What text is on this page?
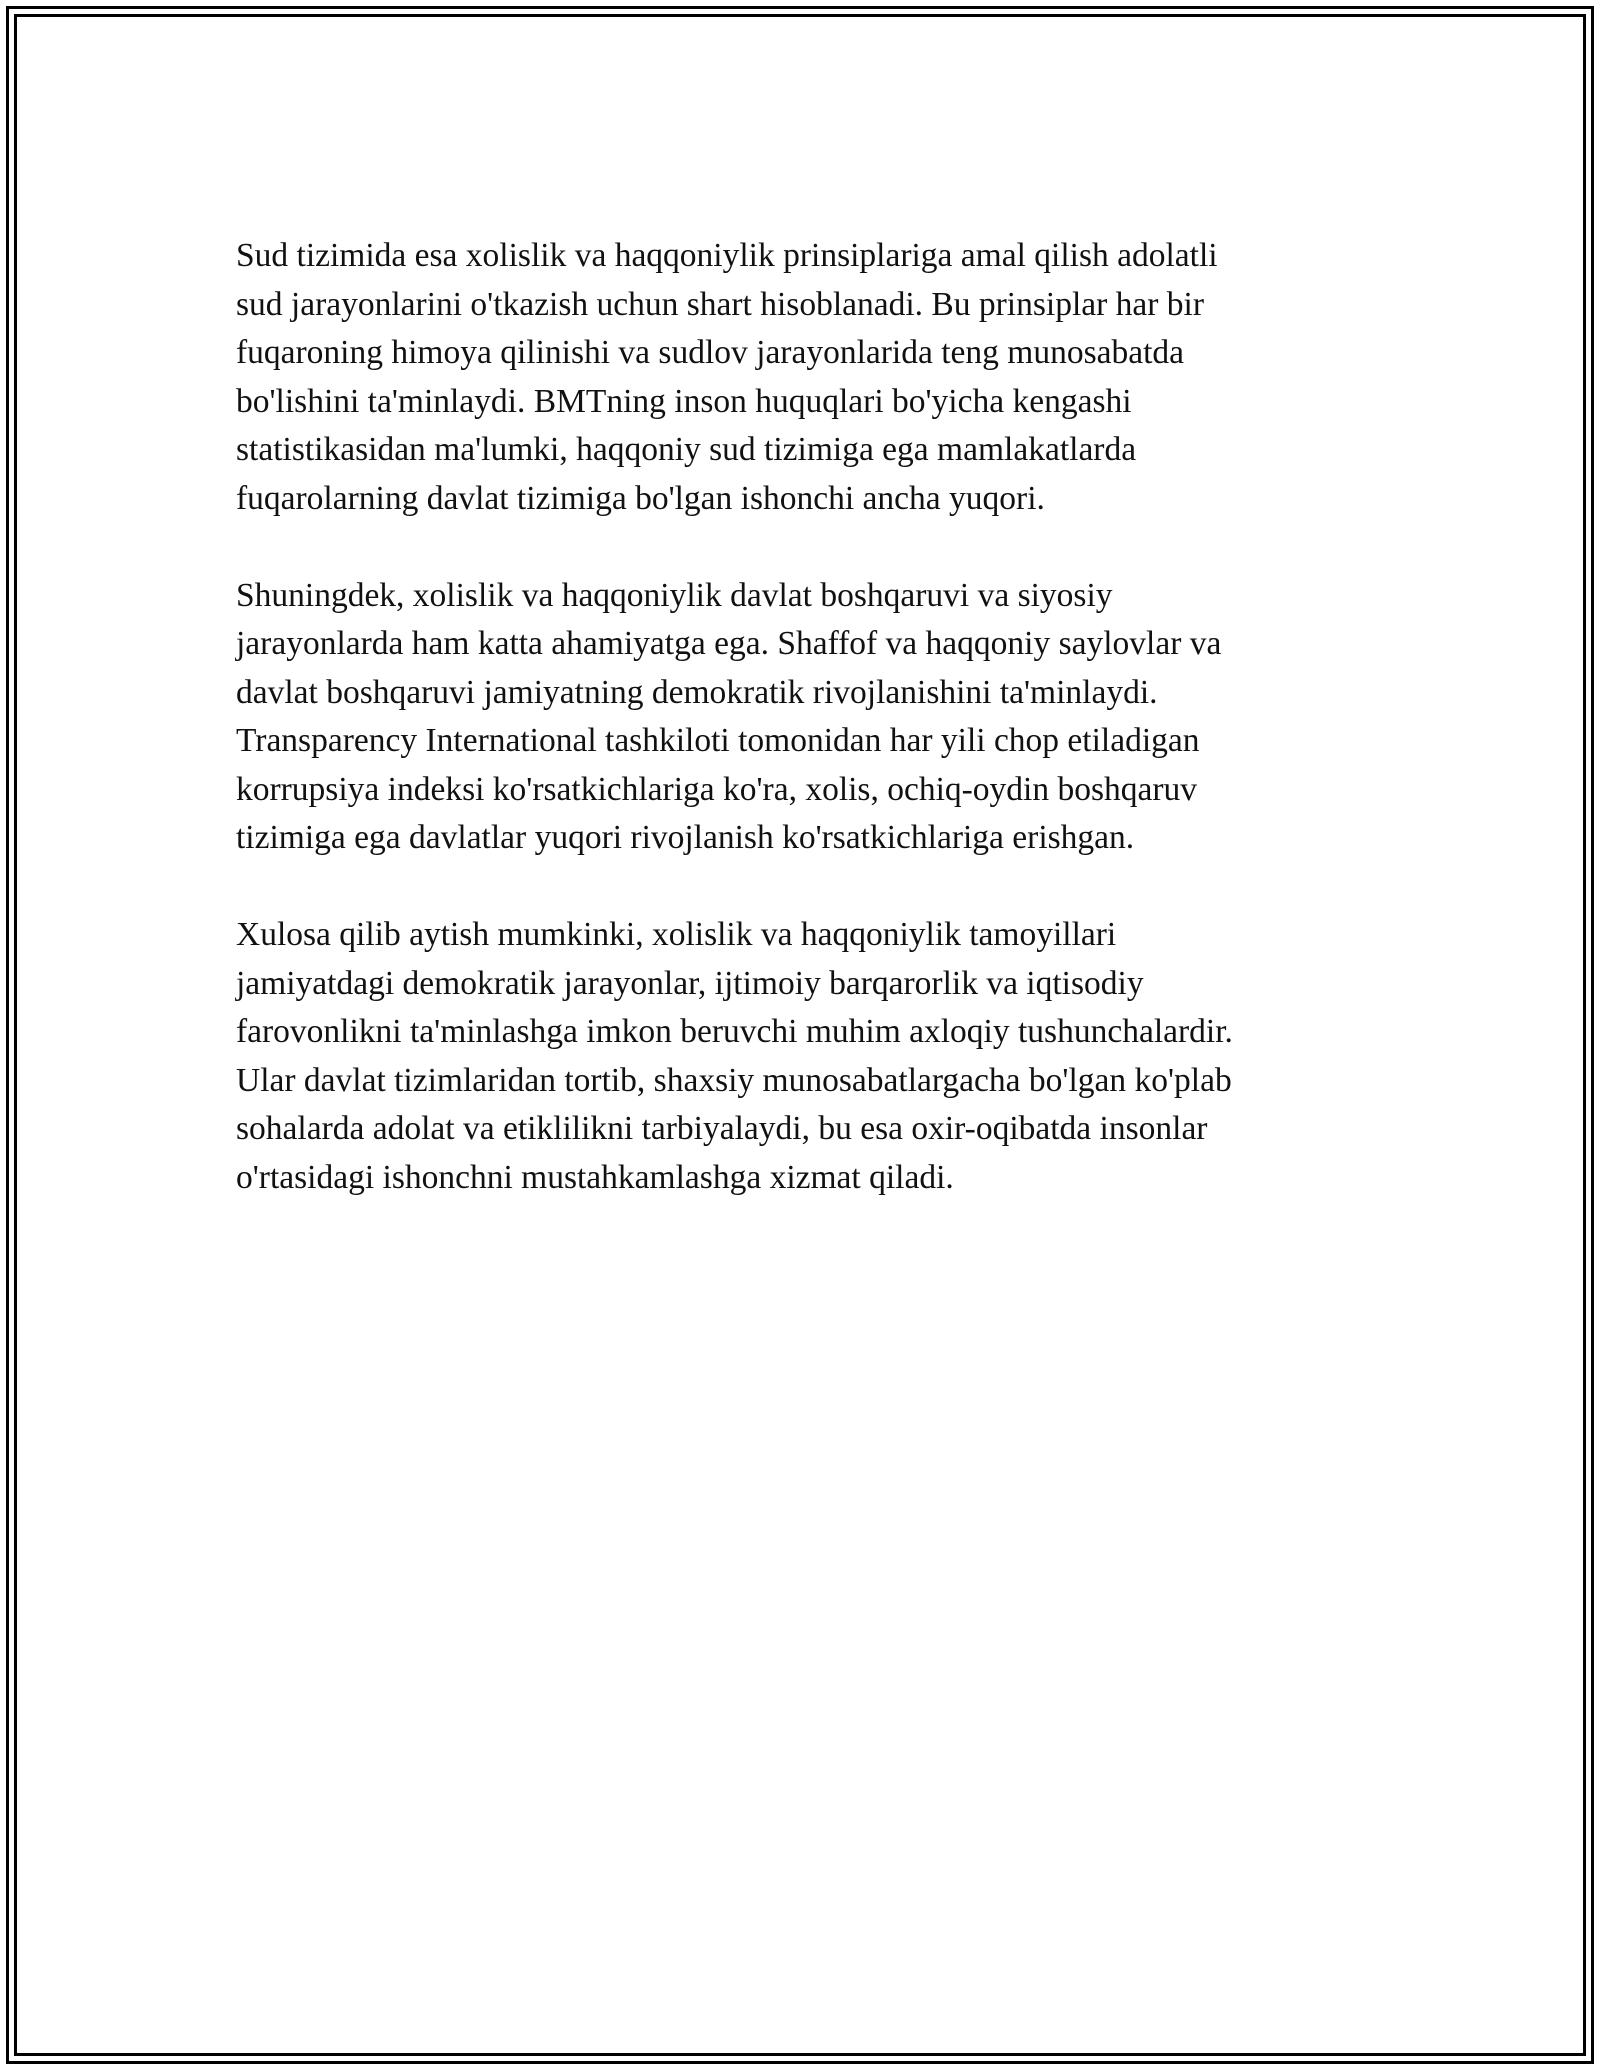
Sud tizimida esa xolislik va haqqoniylik prinsiplariga amal qilish adolatli
sud jarayonlarini o'tkazish uchun shart hisoblanadi. Bu prinsiplar har bir
fuqaroning himoya qilinishi va sudlov jarayonlarida teng munosabatda
bo'lishini ta'minlaydi. BMTning inson huquqlari bo'yicha kengashi
statistikasidan ma'lumki, haqqoniy sud tizimiga ega mamlakatlarda
fuqarolarning davlat tizimiga bo'lgan ishonchi ancha yuqori.

Shuningdek, xolislik va haqqoniylik davlat boshqaruvi va siyosiy
jarayonlarda ham katta ahamiyatga ega. Shaffof va haqqoniy saylovlar va
davlat boshqaruvi jamiyatning demokratik rivojlanishini ta'minlaydi.
Transparency International tashkiloti tomonidan har yili chop etiladigan
korrupsiya indeksi ko'rsatkichlariga ko'ra, xolis, ochiq-oydin boshqaruv
tizimiga ega davlatlar yuqori rivojlanish ko'rsatkichlariga erishgan.

Xulosa qilib aytish mumkinki, xolislik va haqqoniylik tamoyillari
jamiyatdagi demokratik jarayonlar, ijtimoiy barqarorlik va iqtisodiy
farovonlikni ta'minlashga imkon beruvchi muhim axloqiy tushunchalardir.
Ular davlat tizimlaridan tortib, shaxsiy munosabatlargacha bo'lgan ko'plab
sohalarda adolat va etiklilikni tarbiyalaydi, bu esa oxir-oqibatda insonlar
o'rtasidagi ishonchni mustahkamlashga xizmat qiladi.
